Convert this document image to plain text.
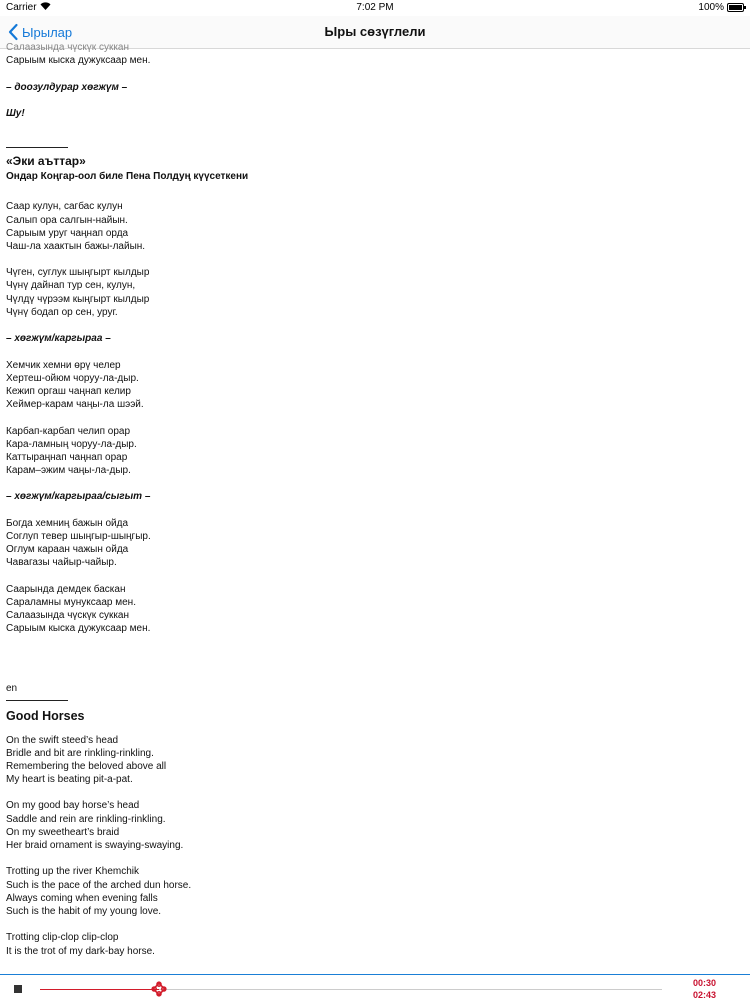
Carrier	7:02 PM	100%
Ырылар	Ыры сөзүглели
Салаазында чүскүк суккан
Сарыым кыска дужуксаар мен.
– доозулдурар хөгжүм –
Шу!
«Эки аъттар»
Ондар Коңгар-оол биле Пена Полдуң күүсеткени
Саар кулун, сагбас кулун
Салып ора салгын-найын.
Сарыым уруг чаңнап орда
Чаш-ла хаактын бажы-лайын.
Чүген, суглук шыңгырт кылдыр
Чүнү дайнап тур сен, кулун,
Чүлдү чүрээм кыңгырт кылдыр
Чүнү бодап ор сен, уруг.
– хөгжүм/каргыраа –
Хемчик хемни өрү челер
Хертеш-ойюм чоруу-ла-дыр.
Кежип оргаш чаңнап келир
Хеймер-карам чаңы-ла шээй.
Карбап-карбап челип орар
Кара-ламның чоруу-ла-дыр.
Каттыраңнап чаңнап орар
Карам–эжим чаңы-ла-дыр.
– хөгжүм/каргыраа/сыгыт –
Богда хемниң бажын ойда
Соглуп тевер шыңгыр-шыңгыр.
Оглум караан чажын ойда
Чавагазы чайыр-чайыр.
Саарында демдек баскан
Сараламны мунуксаар мен.
Салаазында чүскүк суккан
Сарыым кыска дужуксаар мен.
en
Good Horses
On the swift steed’s head
Bridle and bit are rinkling-rinkling.
Remembering the beloved above all
My heart is beating pit-a-pat.
On my good bay horse’s head
Saddle and rein are rinkling-rinkling.
On my sweetheart’s braid
Her braid ornament is swaying-swaying.
Trotting up the river Khemchik
Such is the pace of the arched dun horse.
Always coming when evening falls
Such is the habit of my young love.
Trotting clip-clop clip-clop
It is the trot of my dark-bay horse.
00:30
02:43
